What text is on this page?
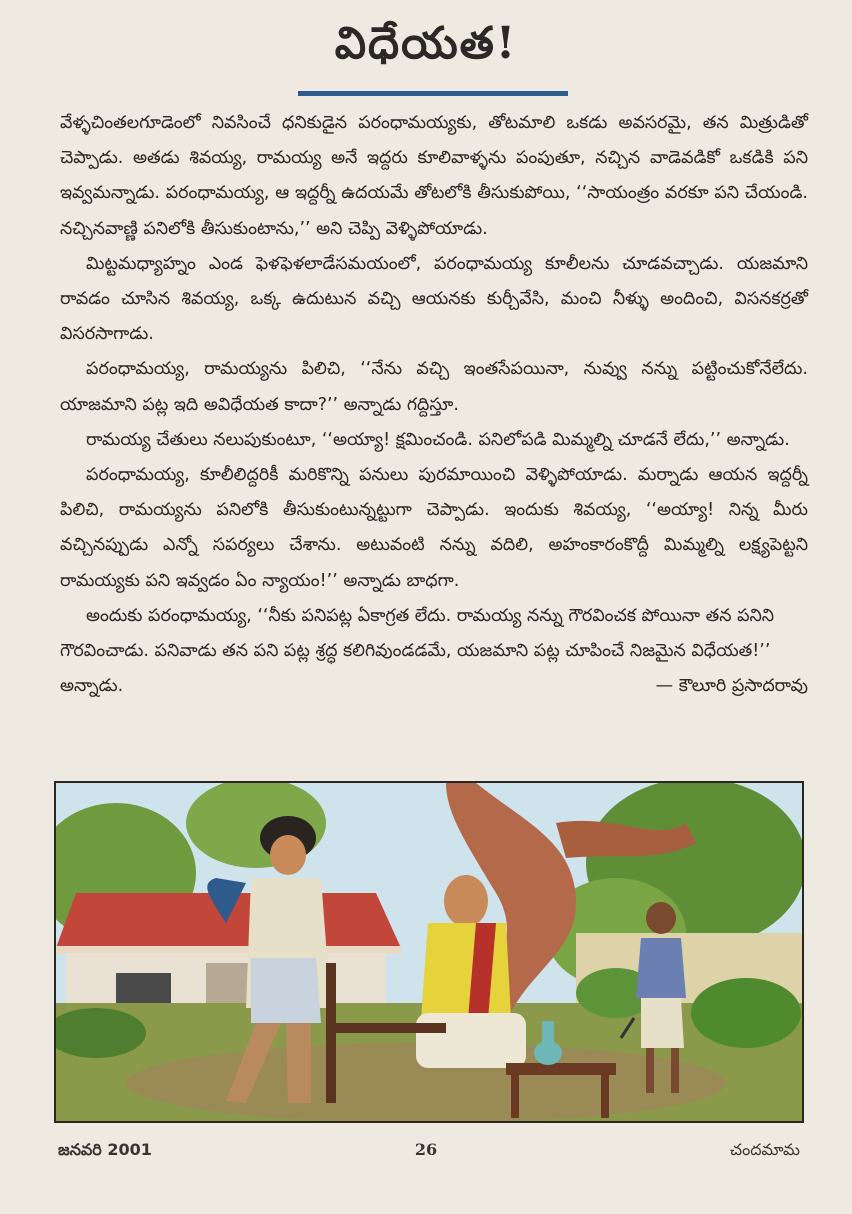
విధేయత!

వేళ్ళచింతలగూడెంలో నివసించే ధనికుడైన పరంధామయ్యకు, తోటమాలి ఒకడు అవసరమై, తన మిత్రుడితో చెప్పాడు. అతడు శివయ్య, రామయ్య అనే ఇద్దరు కూలివాళ్ళను పంపుతూ, నచ్చిన వాడెవడికో ఒకడికి పని ఇవ్వమన్నాడు. పరంధామయ్య, ఆ ఇద్దర్నీ ఉదయమే తోటలోకి తీసుకుపోయి, ‘‘సాయంత్రం వరకూ పని చేయండి. నచ్చినవాణ్ణి పనిలోకి తీసుకుంటాను,’’ అని చెప్పి వెళ్ళిపోయాడు.

మిట్టమధ్యాహ్నం ఎండ ఫెళఫెళలాడేసమయంలో, పరంధామయ్య కూలీలను చూడవచ్చాడు. యజమాని రావడం చూసిన శివయ్య, ఒక్క ఉదుటున వచ్చి ఆయనకు కుర్చీవేసి, మంచి నీళ్ళు అందించి, విసనకర్రతో విసరసాగాడు.

పరంధామయ్య, రామయ్యను పిలిచి, ‘‘నేను వచ్చి ఇంతసేపయినా, నువ్వు నన్ను పట్టించుకోనేలేదు. యాజమాని పట్ల ఇది అవిధేయత కాదా?’’ అన్నాడు గద్దిస్తూ.

రామయ్య చేతులు నలుపుకుంటూ, ‘‘అయ్యా! క్షమించండి. పనిలోపడి మిమ్మల్ని చూడనే లేదు,’’ అన్నాడు.

పరంధామయ్య, కూలీలిద్దరికీ మరికొన్ని పనులు పురమాయించి వెళ్ళిపోయాడు. మర్నాడు ఆయన ఇద్దర్నీ పిలిచి, రామయ్యను పనిలోకి తీసుకుంటున్నట్టుగా చెప్పాడు. ఇందుకు శివయ్య, ‘‘అయ్యా! నిన్న మీరు వచ్చినప్పుడు ఎన్నో సపర్యలు చేశాను. అటువంటి నన్ను వదిలి, అహంకారంకొద్దీ మిమ్మల్ని లక్ష్యపెట్టని రామయ్యకు పని ఇవ్వడం ఏం న్యాయం!’’ అన్నాడు బాధగా.

అందుకు పరంధామయ్య, ‘‘నీకు పనిపట్ల ఏకాగ్రత లేదు. రామయ్య నన్ను గౌరవించక పోయినా తన పనిని గౌరవించాడు. పనివాడు తన పని పట్ల శ్రద్ధ కలిగివుండడమే, యజమాని పట్ల చూపించే నిజమైన విధేయత!’’ అన్నాడు.	— కౌలూరి ప్రసాదరావు

జనవరి 2001	26	చందమామ
